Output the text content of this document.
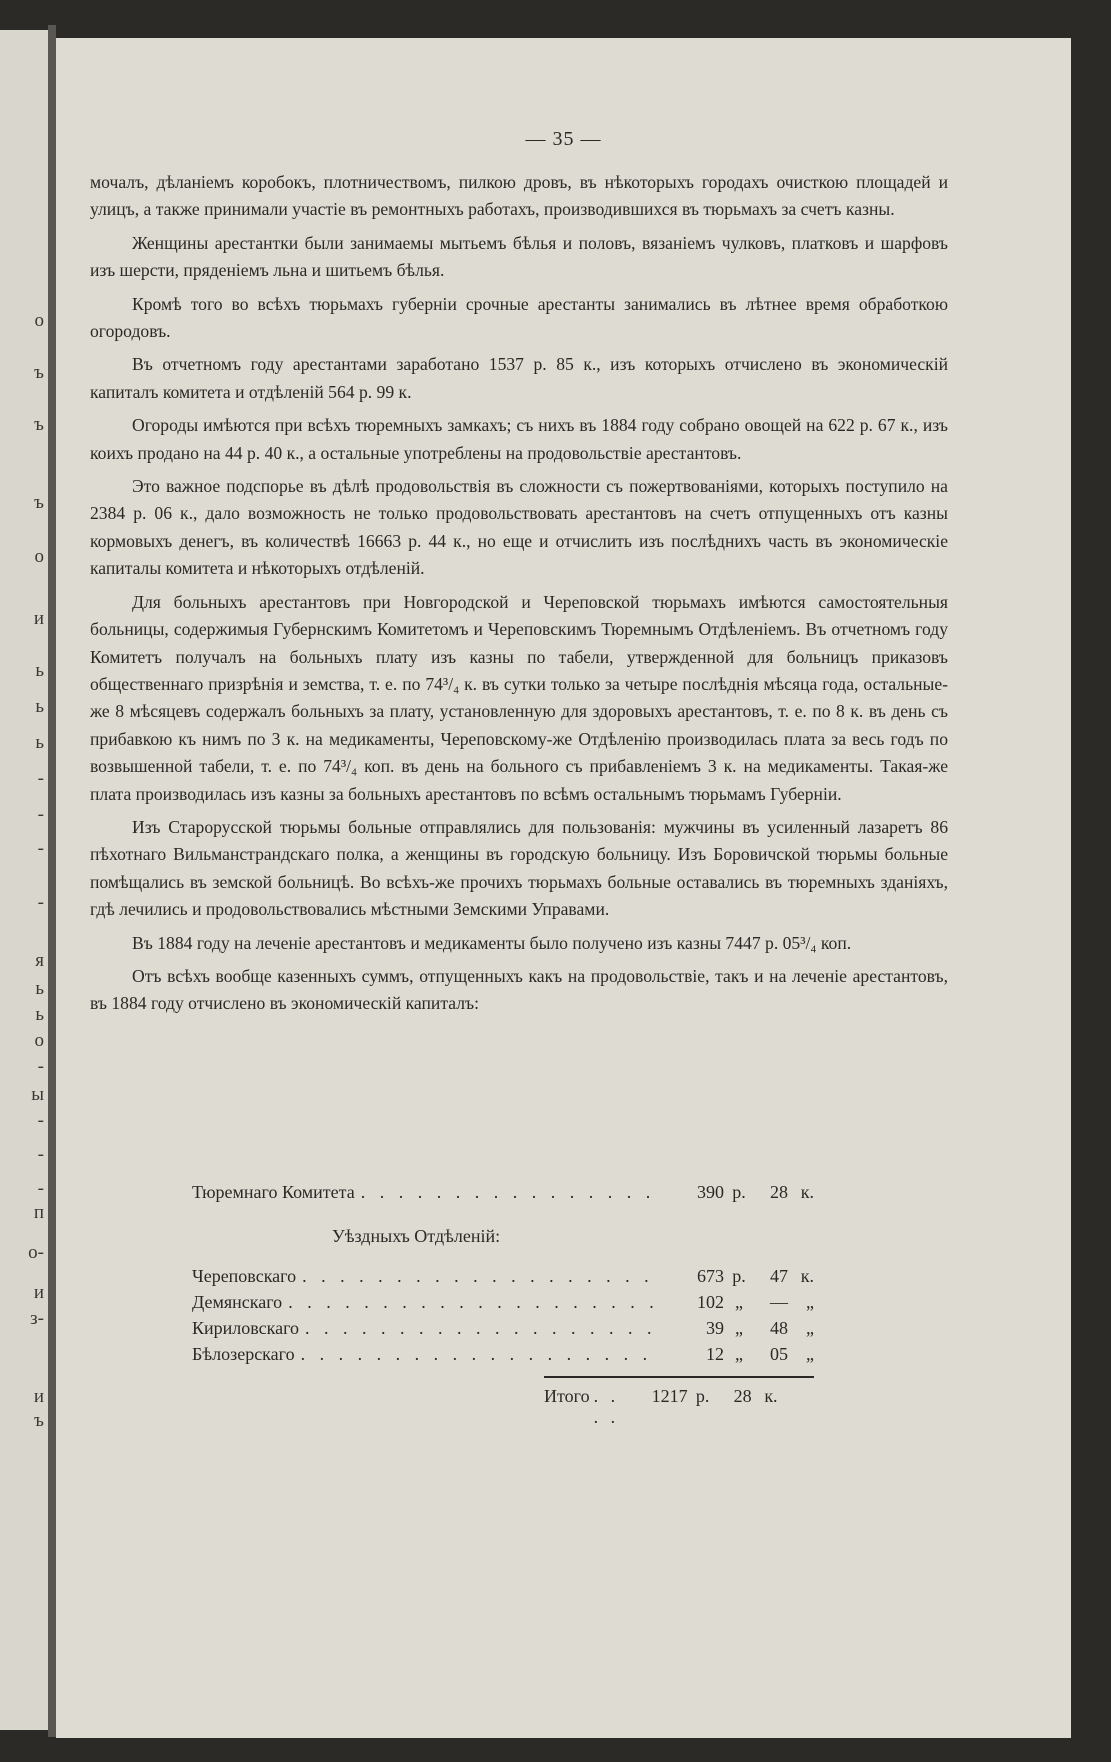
о
ъ
ъ
ъ
о
и
ь
ь
ь
-
-
-
-
я
ь
ь
о
-
ы
-
-
-
п
о-
и
з-
и
ъ
— 35 —

мочалъ, дѣланіемъ коробокъ, плотничествомъ, пилкою дровъ, въ нѣкоторыхъ городахъ очисткою площадей и улицъ, а также принимали участіе въ ремонтныхъ работахъ, производившихся въ тюрьмахъ за счетъ казны.

Женщины арестантки были занимаемы мытьемъ бѣлья и половъ, вязаніемъ чулковъ, платковъ и шарфовъ изъ шерсти, пряденіемъ льна и шитьемъ бѣлья.

Кромѣ того во всѣхъ тюрьмахъ губерніи срочные арестанты занимались въ лѣтнее время обработкою огородовъ.

Въ отчетномъ году арестантами заработано 1537 р. 85 к., изъ которыхъ отчислено въ экономическій капиталъ комитета и отдѣленій 564 р. 99 к.

Огороды имѣются при всѣхъ тюремныхъ замкахъ; съ нихъ въ 1884 году собрано овощей на 622 р. 67 к., изъ коихъ продано на 44 р. 40 к., а остальные употреблены на продовольствіе арестантовъ.

Это важное подспорье въ дѣлѣ продовольствія въ сложности съ пожертвованіями, которыхъ поступило на 2384 р. 06 к., дало возможность не только продовольствовать арестантовъ на счетъ отпущенныхъ отъ казны кормовыхъ денегъ, въ количествѣ 16663 р. 44 к., но еще и отчислить изъ послѣднихъ часть въ экономическіе капиталы комитета и нѣкоторыхъ отдѣленій.

Для больныхъ арестантовъ при Новгородской и Череповской тюрьмахъ имѣются самостоятельныя больницы, содержимыя Губернскимъ Комитетомъ и Череповскимъ Тюремнымъ Отдѣленіемъ. Въ отчетномъ году Комитетъ получалъ на больныхъ плату изъ казны по табели, утвержденной для больницъ приказовъ общественнаго призрѣнія и земства, т. е. по 74³/₄ к. въ сутки только за четыре послѣднія мѣсяца года, остальные-же 8 мѣсяцевъ содержалъ больныхъ за плату, установленную для здоровыхъ арестантовъ, т. е. по 8 к. въ день съ прибавкою къ нимъ по 3 к. на медикаменты, Череповскому-же Отдѣленію производилась плата за весь годъ по возвышенной табели, т. е. по 74³/₄ коп. въ день на больного съ прибавленіемъ 3 к. на медикаменты. Такая-же плата производилась изъ казны за больныхъ арестантовъ по всѣмъ остальнымъ тюрьмамъ Губерніи.

Изъ Старорусской тюрьмы больные отправлялись для пользованія: мужчины въ усиленный лазаретъ 86 пѣхотнаго Вильманстрандскаго полка, а женщины въ городскую больницу. Изъ Боровичской тюрьмы больные помѣщались въ земской больницѣ. Во всѣхъ-же прочихъ тюрьмахъ больные оставались въ тюремныхъ зданіяхъ, гдѣ лечились и продовольствовались мѣстными Земскими Управами.

Въ 1884 году на леченіе арестантовъ и медикаменты было получено изъ казны 7447 р. 05³/₄ коп.

Отъ всѣхъ вообще казенныхъ суммъ, отпущенныхъ какъ на продовольствіе, такъ и на леченіе арестантовъ, въ 1884 году отчислено въ экономическій капиталъ:

Тюремнаго Комитета . . .	390 р.	28 к.
Уѣздныхъ Отдѣленій:
Череповскаго . . .	673 р.	47 к.
Демянскаго . . .	102 „	—	„
Кириловскаго . . .	39 „	48	„
Бѣлозерскаго . . .	12 „	05	„
Итого . . . .	1217 р.	28 к.
